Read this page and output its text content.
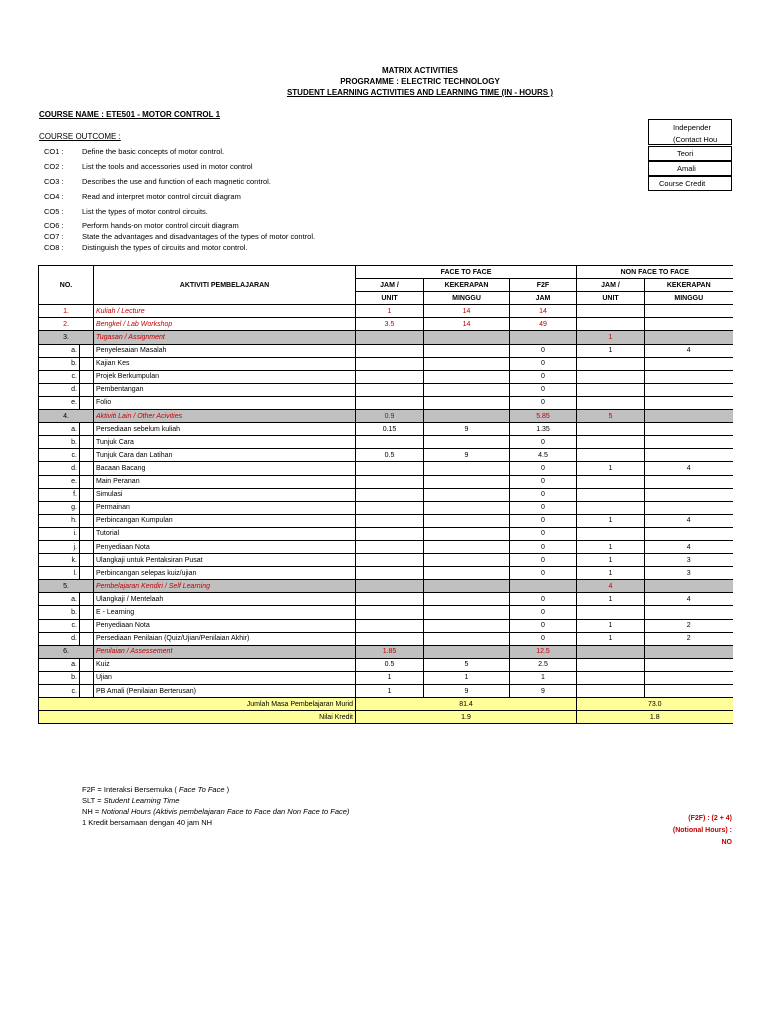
MATRIX ACTIVITIES
PROGRAMME : ELECTRIC TECHNOLOGY
STUDENT LEARNING ACTIVITIES AND LEARNING TIME (IN - HOURS )
COURSE NAME : ETE501 - MOTOR CONTROL 1
COURSE OUTCOME :
CO1 : Define the basic concepts of motor control.
CO2 : List the tools and accessories used in motor control
CO3 : Describes the use and function of each magnetic control.
CO4 : Read and interpret motor control circuit diagram
CO5 : List the types of motor control circuits.
CO6 : Perform hands-on motor control circuit diagram
CO7 : State the advantages and disadvantages of the types of motor control.
CO8 : Distinguish the types of circuits and motor control.
Independer
(Contact Hou
Teori
Amali
Course Credit
NO.		AKTIVITI PEMBELAJARAN	FACE TO FACE			NON FACE TO FACE	
			JAM /	KEKERAPAN	F2F	JAM /	KEKERAPAN
			UNIT	MINGGU	JAM	UNIT	MINGGU
1.		Kuliah / Lecture	1	14	14		
2.		Bengkel / Lab Workshop	3.5	14	49		
3.		Tugasan / Assignment				1	
a.		Penyelesaian Masalah			0	1	4
b.		Kajian Kes			0		
c.		Projek Berkumpulan			0		
d.		Pembentangan			0		
e.		Folio			0		
4.		Aktiviti Lain / Other Acivities	0.9		5.85	5	
a.		Persediaan sebelum kuliah	0.15	9	1.35		
b.		Tunjuk Cara			0		
c.		Tunjuk Cara dan Latihan	0.5	9	4.5		
d.		Bacaan Bacang			0	1	4
e.		Main Peranan			0		
f.		Simulasi			0		
g.		Permainan			0		
h.		Perbincangan Kumpulan			0	1	4
i.		Tutorial			0		
j.		Penyediaan Nota			0	1	4
k.		Ulangkaji untuk Pentaksiran Pusat			0	1	3
l.		Perbincangan selepas kuiz/ujian			0	1	3
5.		Pembelajaran Kendiri / Self Learning				4	
a.		Ulangkaji / Mentelaah			0	1	4
b.		E - Learning			0		
c.		Penyediaan Nota			0	1	2
d.		Persediaan Penilaian (Quiz/Ujian/Penilaian Akhir)			0	1	2
6.		Penilaian / Assessement	1.85		12.5		
a.		Kuiz	0.5	5	2.5		
b.		Ujian	1	1	1		
c.		PB Amali (Penilaian Berterusan)	1	9	9		
Jumlah Masa Pembelajaran Murid			81.4			73.0	
Nilai Kredit			1.9			1.8	
F2F = Interaksi Bersemuka ( Face To Face )
SLT = Student Learning Time
NH = Notional Hours (Aktivis pembelajaran Face to Face dan Non Face to Face)
1 Kredit bersamaan dengan 40 jam NH	(F2F) : (2 + 4)
(Notional Hours) :
NO
